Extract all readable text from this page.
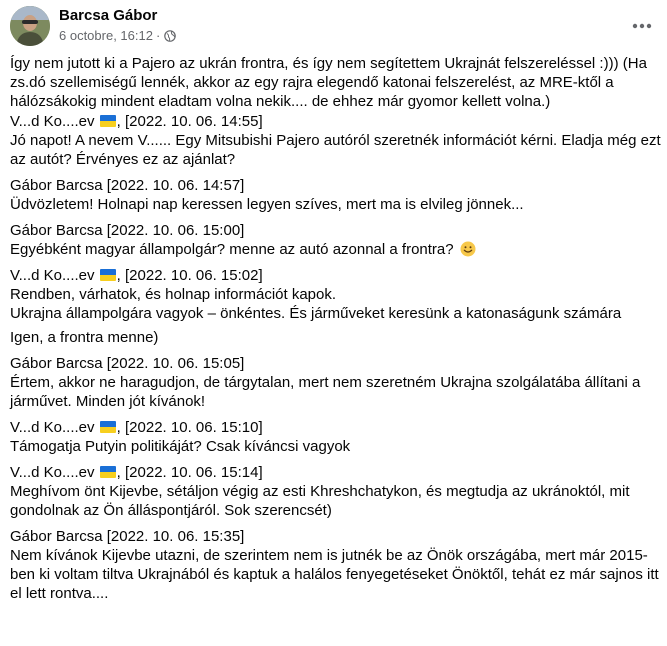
Barcsa Gábor
6 octobre, 16:12 ·
Így nem jutott ki a Pajero az ukrán frontra, és így nem segítettem Ukrajnát felszereléssel :))) (Ha
zs.dó szellemiségű lennék, akkor az egy rajra elegendő katonai felszerelést, az MRE-ktől a
hálózsákokig mindent eladtam volna nekik.... de ehhez már gyomor kellett volna.)
V...d Ko....ev , [2022. 10. 06. 14:55]
Jó napot! A nevem V...... Egy Mitsubishi Pajero autóról szeretnék információt kérni. Eladja még ezt
az autót? Érvényes ez az ajánlat?
Gábor Barcsa [2022. 10. 06. 14:57]
Üdvözletem! Holnapi nap keressen legyen szíves, mert ma is elvileg jönnek...
Gábor Barcsa [2022. 10. 06. 15:00]
Egyébként magyar állampolgár? menne az autó azonnal a frontra?
V...d Ko....ev , [2022. 10. 06. 15:02]
Rendben, várhatok, és holnap információt kapok.
Ukrajna állampolgára vagyok – önkéntes. És járműveket keresünk a katonaságunk számára
Igen, a frontra menne)
Gábor Barcsa [2022. 10. 06. 15:05]
Értem, akkor ne haragudjon, de tárgytalan, mert nem szeretném Ukrajna szolgálatába állítani a
járművet. Minden jót kívánok!
V...d Ko....ev , [2022. 10. 06. 15:10]
Támogatja Putyin politikáját? Csak kíváncsi vagyok
V...d Ko....ev , [2022. 10. 06. 15:14]
Meghívom önt Kijevbe, sétáljon végig az esti Khreshchatykon, és megtudja az ukránoktól, mit
gondolnak az Ön álláspontjáról. Sok szerencsét)
Gábor Barcsa [2022. 10. 06. 15:35]
Nem kívánok Kijevbe utazni, de szerintem nem is jutnék be az Önök országába, mert már 2015-
ben ki voltam tiltva Ukrajnából és kaptuk a halálos fenyegetéseket Önöktől, tehát ez már sajnos itt
el lett rontva....
